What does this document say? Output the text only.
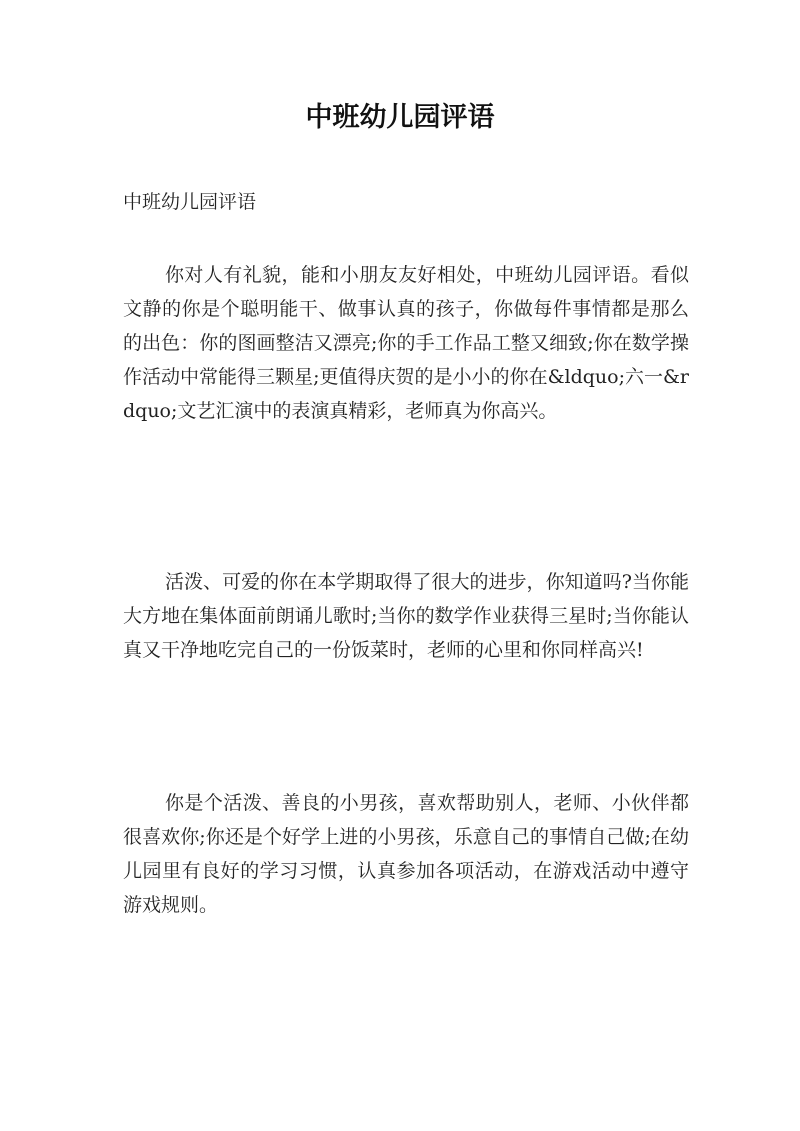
中班幼儿园评语

中班幼儿园评语

你对人有礼貌，能和小朋友友好相处，中班幼儿园评语。看似文静的你是个聪明能干、做事认真的孩子，你做每件事情都是那么的出色：你的图画整洁又漂亮;你的手工作品工整又细致;你在数学操作活动中常能得三颗星;更值得庆贺的是小小的你在&ldquo;六一&rdquo;文艺汇演中的表演真精彩，老师真为你高兴。

活泼、可爱的你在本学期取得了很大的进步，你知道吗?当你能大方地在集体面前朗诵儿歌时;当你的数学作业获得三星时;当你能认真又干净地吃完自己的一份饭菜时，老师的心里和你同样高兴!

你是个活泼、善良的小男孩，喜欢帮助别人，老师、小伙伴都很喜欢你;你还是个好学上进的小男孩，乐意自己的事情自己做;在幼儿园里有良好的学习习惯，认真参加各项活动，在游戏活动中遵守游戏规则。
